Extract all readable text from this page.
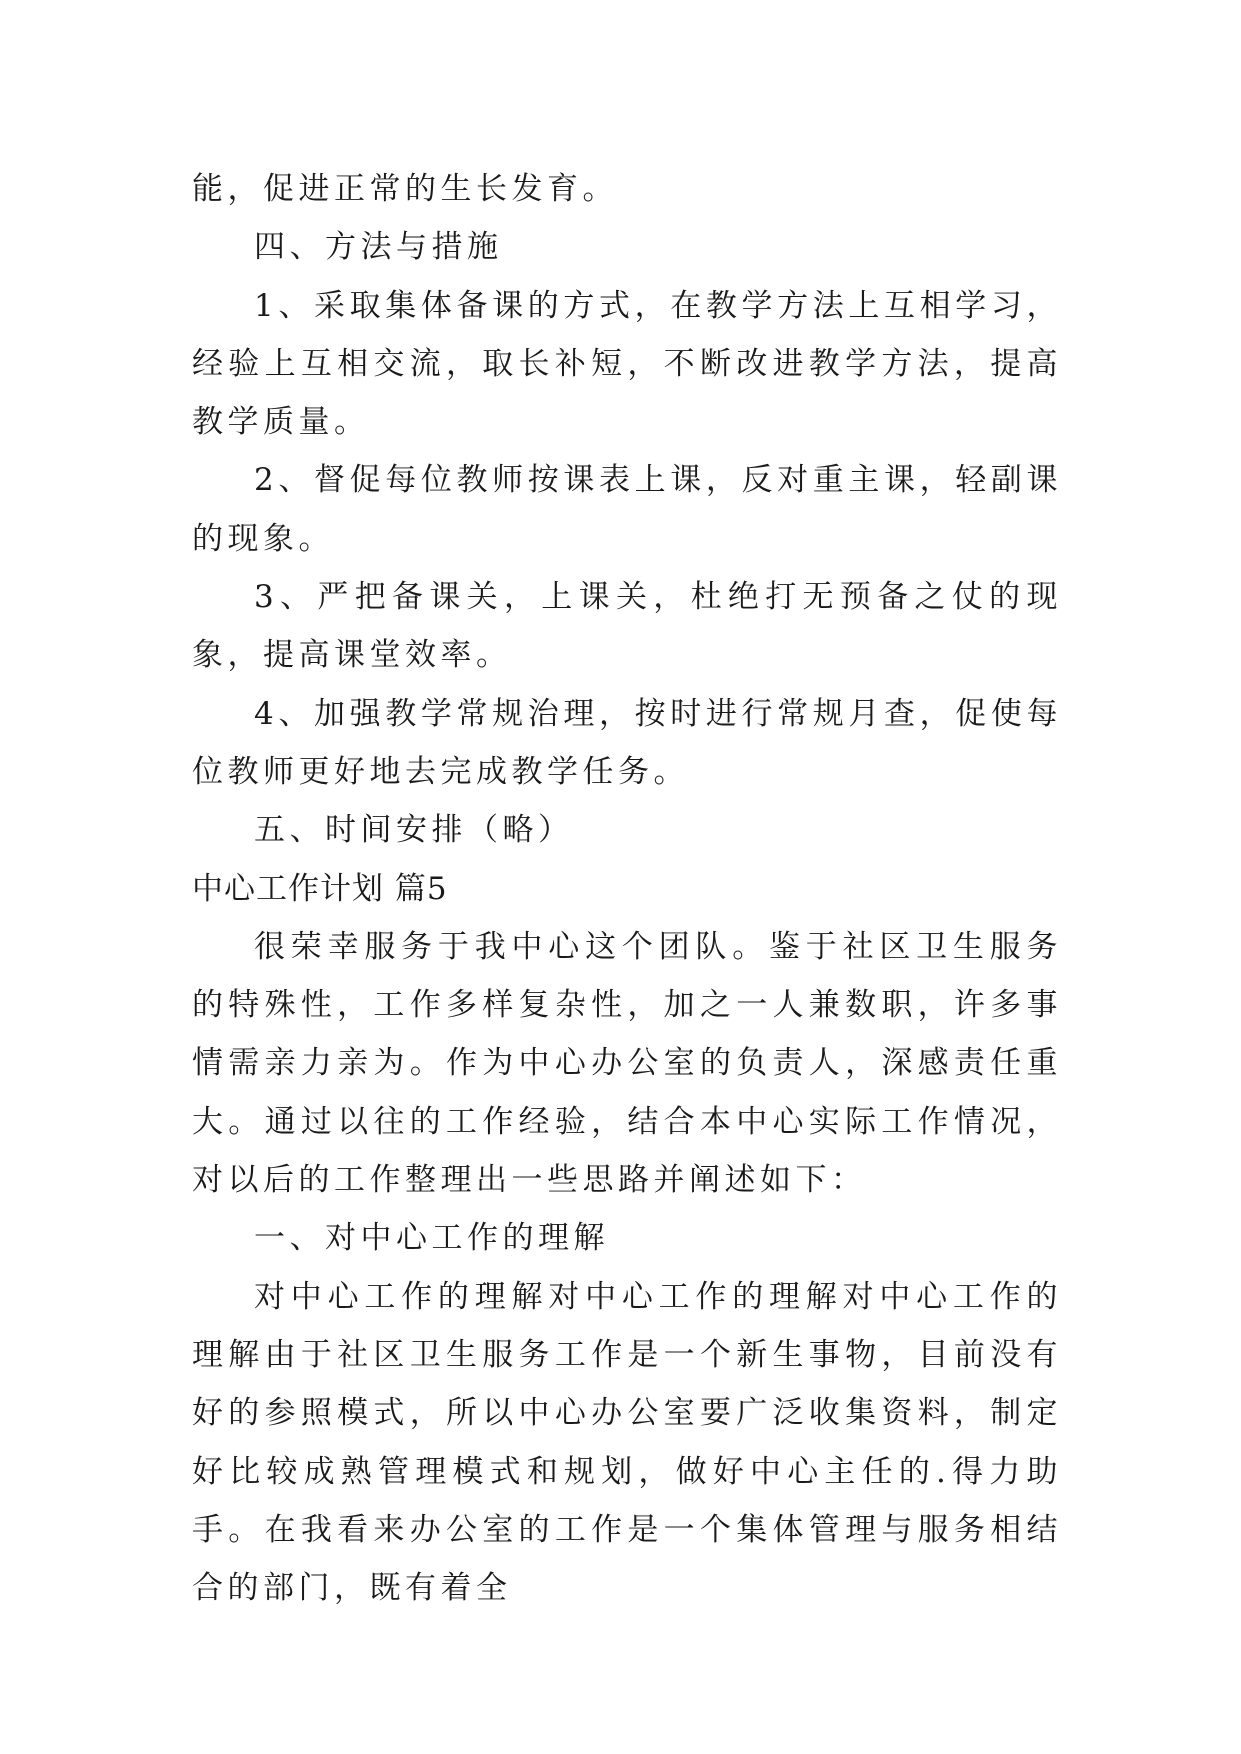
能，促进正常的生长发育。

四、方法与措施

1、采取集体备课的方式，在教学方法上互相学习，经验上互相交流，取长补短，不断改进教学方法，提高教学质量。

2、督促每位教师按课表上课，反对重主课，轻副课的现象。

3、严把备课关，上课关，杜绝打无预备之仗的现象，提高课堂效率。

4、加强教学常规治理，按时进行常规月查，促使每位教师更好地去完成教学任务。

五、时间安排（略）

中心工作计划 篇5

很荣幸服务于我中心这个团队。鉴于社区卫生服务的特殊性，工作多样复杂性，加之一人兼数职，许多事情需亲力亲为。作为中心办公室的负责人，深感责任重大。通过以往的工作经验，结合本中心实际工作情况，对以后的工作整理出一些思路并阐述如下：

一、对中心工作的理解

对中心工作的理解对中心工作的理解对中心工作的理解由于社区卫生服务工作是一个新生事物，目前没有好的参照模式，所以中心办公室要广泛收集资料，制定好比较成熟管理模式和规划，做好中心主任的.得力助手。在我看来办公室的工作是一个集体管理与服务相结合的部门，既有着全
